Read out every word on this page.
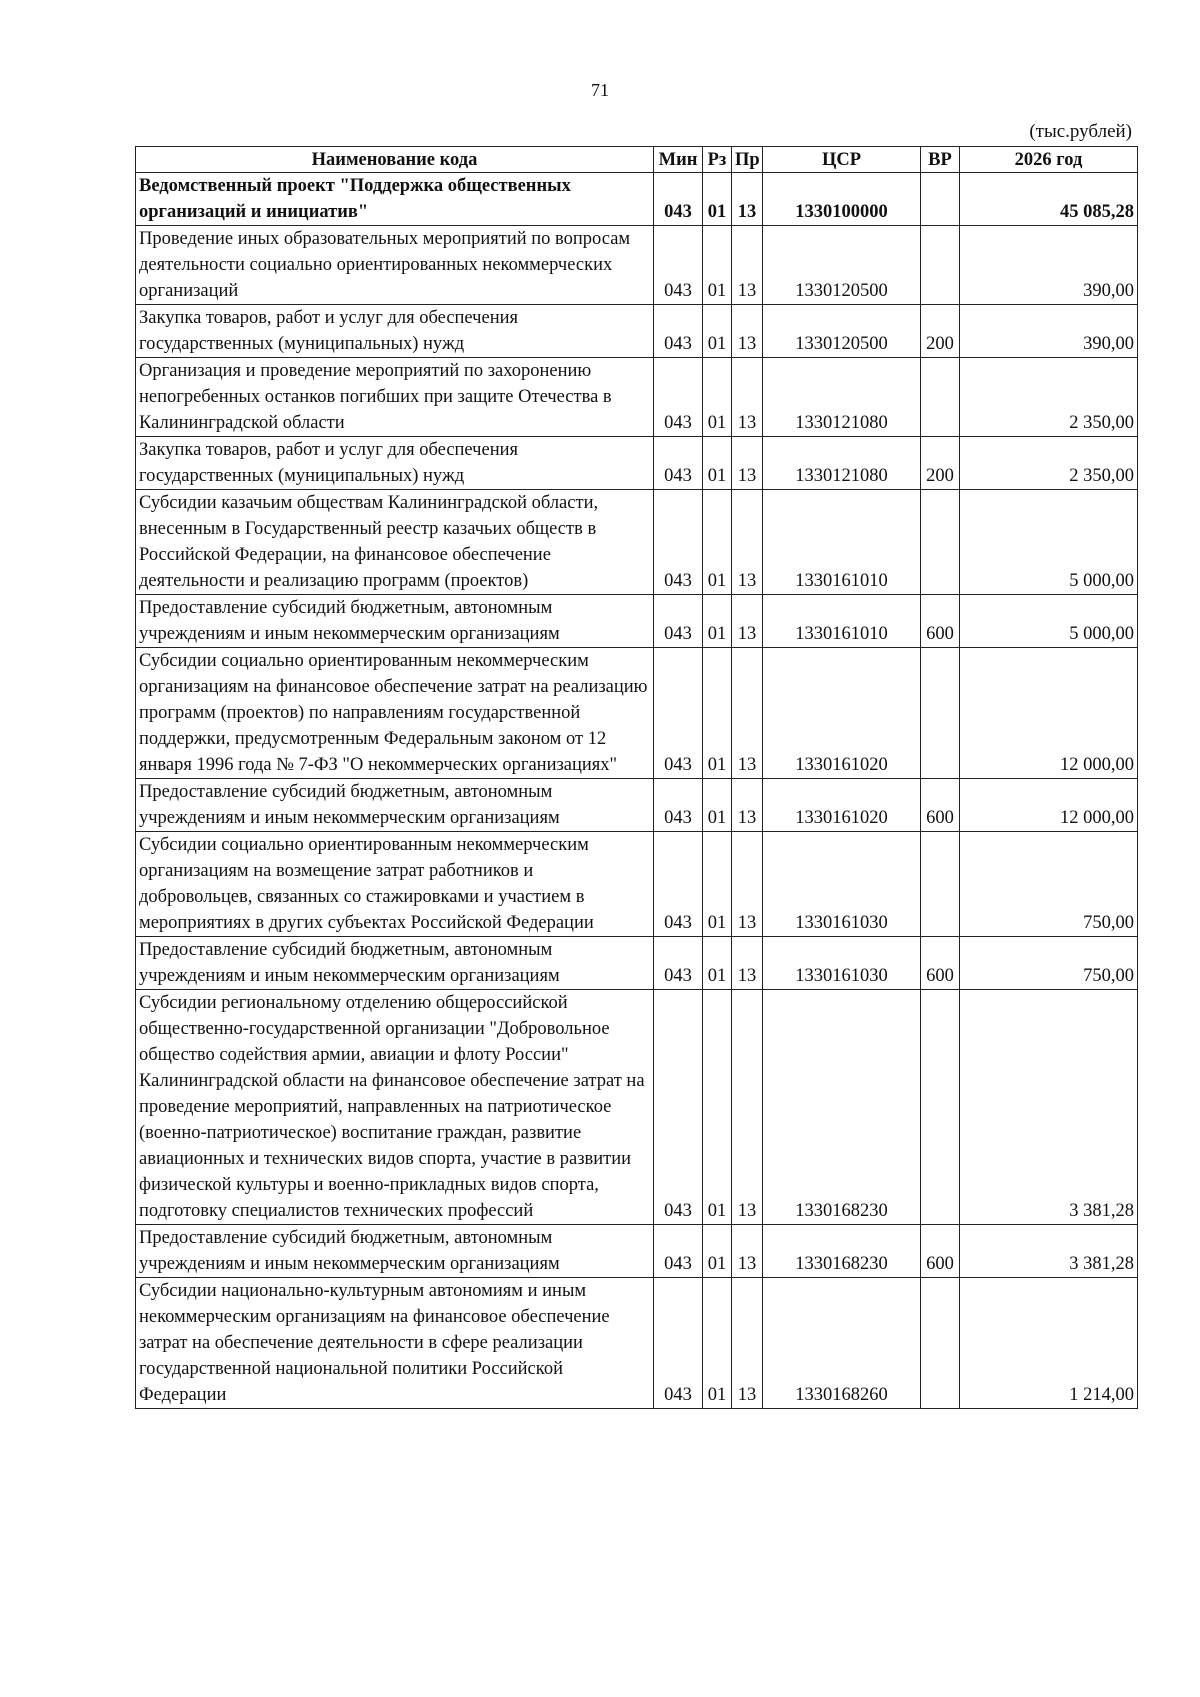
71
(тыс.рублей)
Наименование кода	Мин	Рз	Пр	ЦСР	ВР	2026 год
Ведомственный проект "Поддержка общественных организаций и инициатив"	043	01	13	1330100000		45 085,28
Проведение иных образовательных мероприятий по вопросам деятельности социально ориентированных некоммерческих организаций	043	01	13	1330120500		390,00
Закупка товаров, работ и услуг для обеспечения государственных (муниципальных) нужд	043	01	13	1330120500	200	390,00
Организация и проведение мероприятий по захоронению непогребенных останков погибших при защите Отечества в Калининградской области	043	01	13	1330121080		2 350,00
Закупка товаров, работ и услуг для обеспечения государственных (муниципальных) нужд	043	01	13	1330121080	200	2 350,00
Субсидии казачьим обществам Калининградской области, внесенным в Государственный реестр казачьих обществ в Российской Федерации, на финансовое обеспечение деятельности и реализацию программ (проектов)	043	01	13	1330161010		5 000,00
Предоставление субсидий бюджетным, автономным учреждениям и иным некоммерческим организациям	043	01	13	1330161010	600	5 000,00
Субсидии социально ориентированным некоммерческим организациям на финансовое обеспечение затрат на реализацию программ (проектов) по направлениям государственной поддержки, предусмотренным Федеральным законом от 12 января 1996 года № 7-ФЗ "О некоммерческих организациях"	043	01	13	1330161020		12 000,00
Предоставление субсидий бюджетным, автономным учреждениям и иным некоммерческим организациям	043	01	13	1330161020	600	12 000,00
Субсидии социально ориентированным некоммерческим организациям на возмещение затрат работников и добровольцев, связанных со стажировками и участием в мероприятиях в других субъектах Российской Федерации	043	01	13	1330161030		750,00
Предоставление субсидий бюджетным, автономным учреждениям и иным некоммерческим организациям	043	01	13	1330161030	600	750,00
Субсидии региональному отделению общероссийской общественно-государственной организации "Добровольное общество содействия армии, авиации и флоту России" Калининградской области на финансовое обеспечение затрат на проведение мероприятий, направленных на патриотическое (военно-патриотическое) воспитание граждан, развитие авиационных и технических видов спорта, участие в развитии физической культуры и военно-прикладных видов спорта, подготовку специалистов технических профессий	043	01	13	1330168230		3 381,28
Предоставление субсидий бюджетным, автономным учреждениям и иным некоммерческим организациям	043	01	13	1330168230	600	3 381,28
Субсидии национально-культурным автономиям и иным некоммерческим организациям на финансовое обеспечение затрат на обеспечение деятельности в сфере реализации государственной национальной политики Российской Федерации	043	01	13	1330168260		1 214,00
